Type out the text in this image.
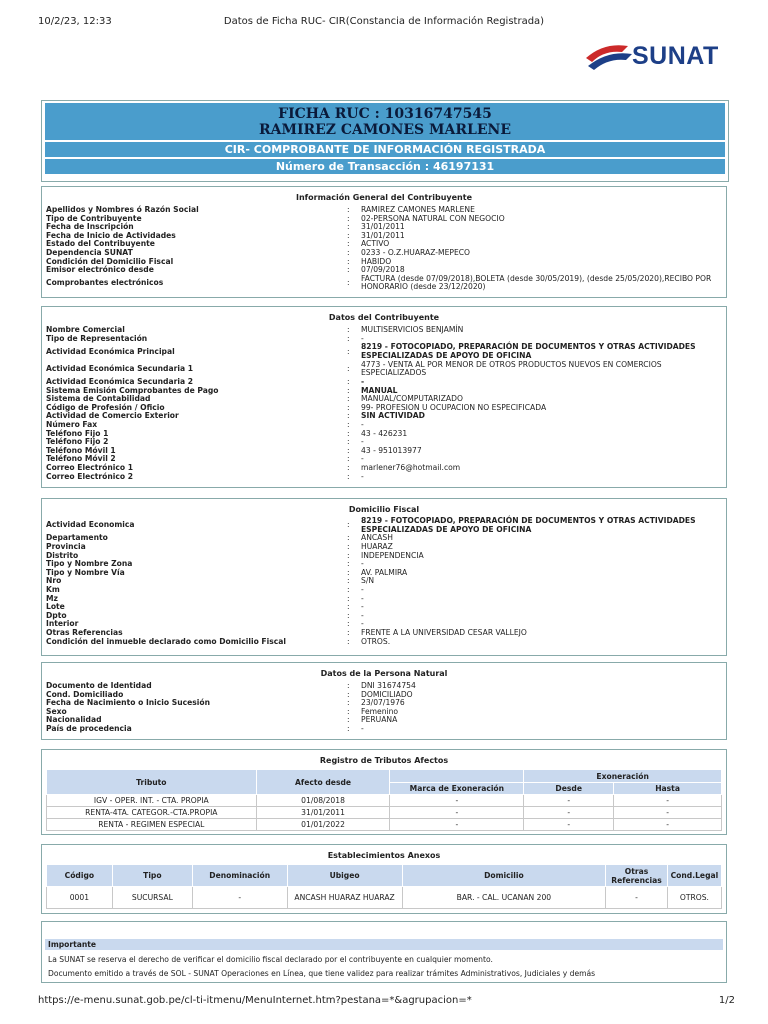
10/2/23, 12:33	Datos de Ficha RUC- CIR(Constancia de Información Registrada)
SUNAT
FICHA RUC : 10316747545
RAMIREZ CAMONES MARLENE
CIR- COMPROBANTE DE INFORMACIÓN REGISTRADA
Número de Transacción : 46197131
Información General del Contribuyente
Apellidos y Nombres ó Razón Social	: RAMIREZ CAMONES MARLENE
Tipo de Contribuyente	: 02-PERSONA NATURAL CON NEGOCIO
Fecha de Inscripción	: 31/01/2011
Fecha de Inicio de Actividades	: 31/01/2011
Estado del Contribuyente	: ACTIVO
Dependencia SUNAT	: 0233 - O.Z.HUARAZ-MEPECO
Condición del Domicilio Fiscal	: HABIDO
Emisor electrónico desde	: 07/09/2018
Comprobantes electrónicos	:
FACTURA (desde 07/09/2018),BOLETA (desde 30/05/2019), (desde 25/05/2020),RECIBO POR HONORARIO (desde 23/12/2020)
Datos del Contribuyente
Nombre Comercial	: MULTISERVICIOS BENJAMÍN
Tipo de Representación	: -
Actividad Económica Principal	: 8219 - FOTOCOPIADO, PREPARACIÓN DE DOCUMENTOS Y OTRAS ACTIVIDADES ESPECIALIZADAS DE APOYO DE OFICINA
Actividad Económica Secundaria 1	: 4773 - VENTA AL POR MENOR DE OTROS PRODUCTOS NUEVOS EN COMERCIOS ESPECIALIZADOS
Actividad Económica Secundaria 2	: -
Sistema Emisión Comprobantes de Pago	: MANUAL
Sistema de Contabilidad	: MANUAL/COMPUTARIZADO
Código de Profesión / Oficio	: 99- PROFESION U OCUPACION NO ESPECIFICADA
Actividad de Comercio Exterior	: SIN ACTIVIDAD
Número Fax	: -
Teléfono Fijo 1	: 43 - 426231
Teléfono Fijo 2	: -
Teléfono Móvil 1	: 43 - 951013977
Teléfono Móvil 2	: -
Correo Electrónico 1	: marlener76@hotmail.com
Correo Electrónico 2	: -
Domicilio Fiscal
Actividad Economica	: 8219 - FOTOCOPIADO, PREPARACIÓN DE DOCUMENTOS Y OTRAS ACTIVIDADES ESPECIALIZADAS DE APOYO DE OFICINA
Departamento	: ANCASH
Provincia	: HUARAZ
Distrito	: INDEPENDENCIA
Tipo y Nombre Zona	: -
Tipo y Nombre Vía	: AV. PALMIRA
Nro	: S/N
Km	: -
Mz	: -
Lote	: -
Dpto	: -
Interior	: -
Otras Referencias	: FRENTE A LA UNIVERSIDAD CESAR VALLEJO
Condición del inmueble declarado como Domicilio Fiscal	: OTROS.
Datos de la Persona Natural
Documento de Identidad	: DNI 31674754
Cond. Domiciliado	: DOMICILIADO
Fecha de Nacimiento o Inicio Sucesión	: 23/07/1976
Sexo	: Femenino
Nacionalidad	: PERUANA
País de procedencia	: -
Registro de Tributos Afectos
Tributo	Afecto desde		Exoneración	
		Marca de Exoneración	Desde	Hasta
IGV - OPER. INT. - CTA. PROPIA	01/08/2018	-	-	-
RENTA-4TA. CATEGOR.-CTA.PROPIA	31/01/2011	-	-	-
RENTA - REGIMEN ESPECIAL	01/01/2022	-	-	-
Establecimientos Anexos
Código	Tipo	Denominación	Ubigeo	Domicilio	Otras Referencias	Cond.Legal
0001	SUCURSAL	-	ANCASH HUARAZ HUARAZ	BAR. - CAL. UCANAN 200	-	OTROS.
Importante
La SUNAT se reserva el derecho de verificar el domicilio fiscal declarado por el contribuyente en cualquier momento.
Documento emitido a través de SOL - SUNAT Operaciones en Línea, que tiene validez para realizar trámites Administrativos, Judiciales y demás
https://e-menu.sunat.gob.pe/cl-ti-itmenu/MenuInternet.htm?pestana=*&agrupacion=*	1/2
